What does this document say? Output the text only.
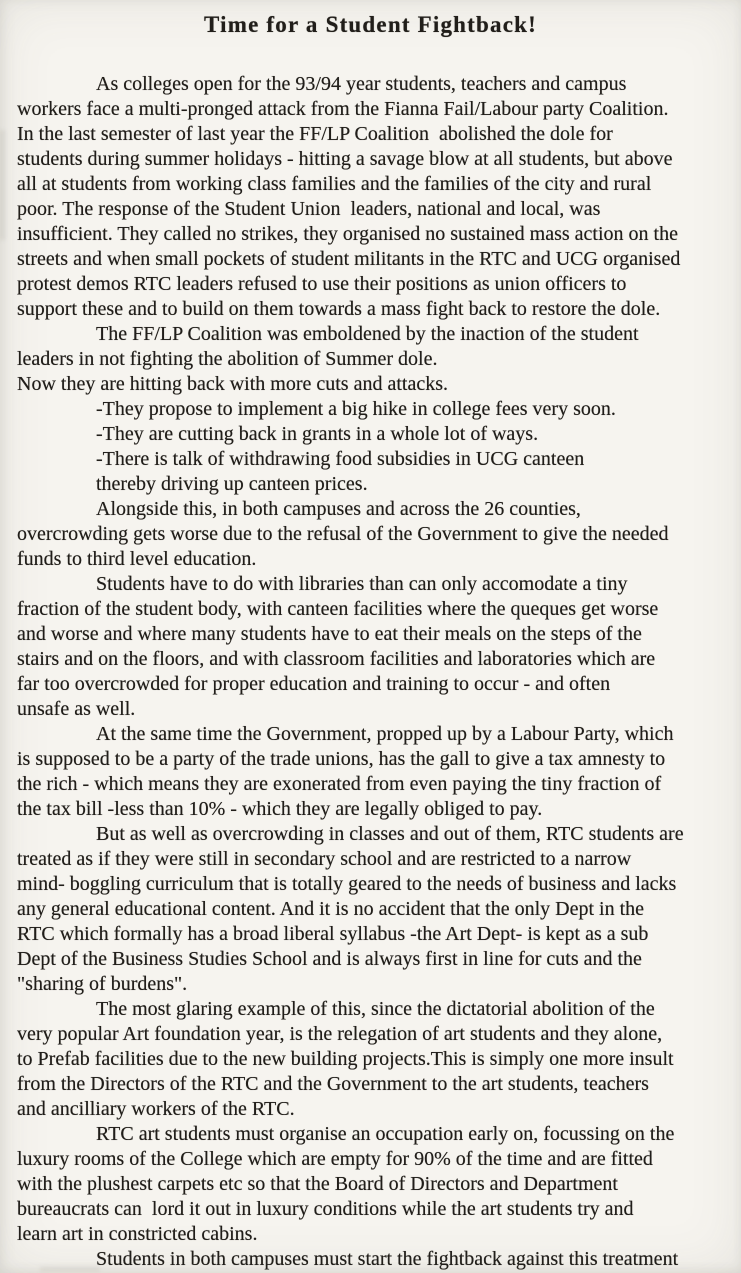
Time for a Student Fightback!
As colleges open for the 93/94 year students, teachers and campus
workers face a multi-pronged attack from the Fianna Fail/Labour party Coalition.
In the last semester of last year the FF/LP Coalition  abolished the dole for
students during summer holidays - hitting a savage blow at all students, but above
all at students from working class families and the families of the city and rural
poor. The response of the Student Union  leaders, national and local, was
insufficient. They called no strikes, they organised no sustained mass action on the
streets and when small pockets of student militants in the RTC and UCG organised
protest demos RTC leaders refused to use their positions as union officers to
support these and to build on them towards a mass fight back to restore the dole.
The FF/LP Coalition was emboldened by the inaction of the student
leaders in not fighting the abolition of Summer dole.
Now they are hitting back with more cuts and attacks.
-They propose to implement a big hike in college fees very soon.
-They are cutting back in grants in a whole lot of ways.
-There is talk of withdrawing food subsidies in UCG canteen
thereby driving up canteen prices.
Alongside this, in both campuses and across the 26 counties,
overcrowding gets worse due to the refusal of the Government to give the needed
funds to third level education.
Students have to do with libraries than can only accomodate a tiny
fraction of the student body, with canteen facilities where the queques get worse
and worse and where many students have to eat their meals on the steps of the
stairs and on the floors, and with classroom facilities and laboratories which are
far too overcrowded for proper education and training to occur - and often
unsafe as well.
At the same time the Government, propped up by a Labour Party, which
is supposed to be a party of the trade unions, has the gall to give a tax amnesty to
the rich - which means they are exonerated from even paying the tiny fraction of
the tax bill -less than 10% - which they are legally obliged to pay.
But as well as overcrowding in classes and out of them, RTC students are
treated as if they were still in secondary school and are restricted to a narrow
mind- boggling curriculum that is totally geared to the needs of business and lacks
any general educational content. And it is no accident that the only Dept in the
RTC which formally has a broad liberal syllabus -the Art Dept- is kept as a sub
Dept of the Business Studies School and is always first in line for cuts and the
"sharing of burdens".
The most glaring example of this, since the dictatorial abolition of the
very popular Art foundation year, is the relegation of art students and they alone,
to Prefab facilities due to the new building projects.This is simply one more insult
from the Directors of the RTC and the Government to the art students, teachers
and ancilliary workers of the RTC.
RTC art students must organise an occupation early on, focussing on the
luxury rooms of the College which are empty for 90% of the time and are fitted
with the plushest carpets etc so that the Board of Directors and Department
bureaucrats can  lord it out in luxury conditions while the art students try and
learn art in constricted cabins.
Students in both campuses must start the fightback against this treatment
